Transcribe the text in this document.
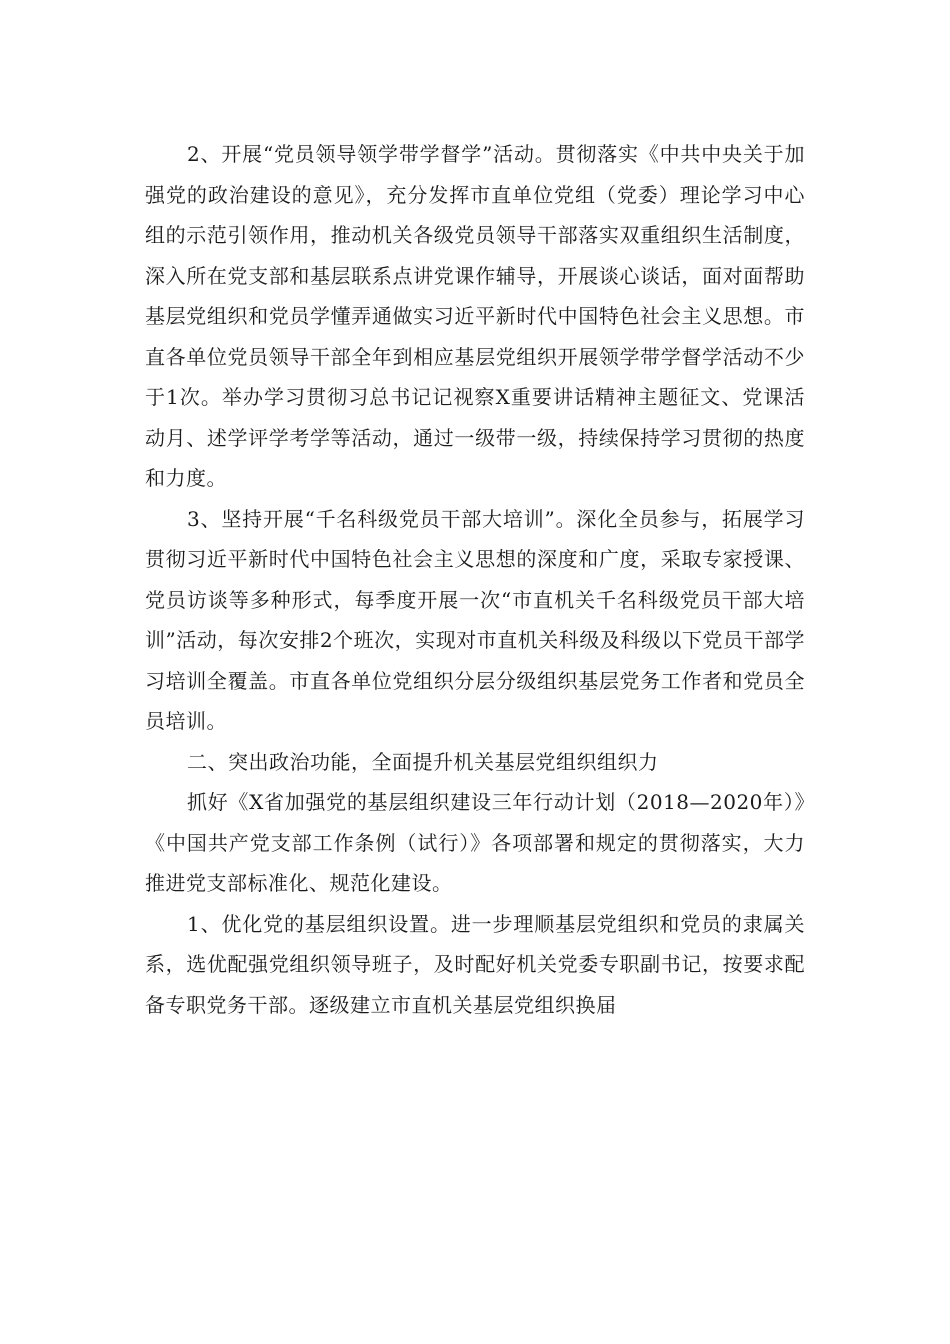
2、开展“党员领导领学带学督学”活动。贯彻落实《中共中央关于加强党的政治建设的意见》，充分发挥市直单位党组（党委）理论学习中心组的示范引领作用，推动机关各级党员领导干部落实双重组织生活制度，深入所在党支部和基层联系点讲党课作辅导，开展谈心谈话，面对面帮助基层党组织和党员学懂弄通做实习近平新时代中国特色社会主义思想。市直各单位党员领导干部全年到相应基层党组织开展领学带学督学活动不少于1次。举办学习贯彻习总书记记视察X重要讲话精神主题征文、党课活动月、述学评学考学等活动，通过一级带一级，持续保持学习贯彻的热度和力度。

3、坚持开展“千名科级党员干部大培训”。深化全员参与，拓展学习贯彻习近平新时代中国特色社会主义思想的深度和广度，采取专家授课、党员访谈等多种形式，每季度开展一次“市直机关千名科级党员干部大培训”活动，每次安排2个班次，实现对市直机关科级及科级以下党员干部学习培训全覆盖。市直各单位党组织分层分级组织基层党务工作者和党员全员培训。

二、突出政治功能，全面提升机关基层党组织组织力

抓好《X省加强党的基层组织建设三年行动计划（2018—2020年）》《中国共产党支部工作条例（试行）》各项部署和规定的贯彻落实，大力推进党支部标准化、规范化建设。

1、优化党的基层组织设置。进一步理顺基层党组织和党员的隶属关系，选优配强党组织领导班子，及时配好机关党委专职副书记，按要求配备专职党务干部。逐级建立市直机关基层党组织换届
